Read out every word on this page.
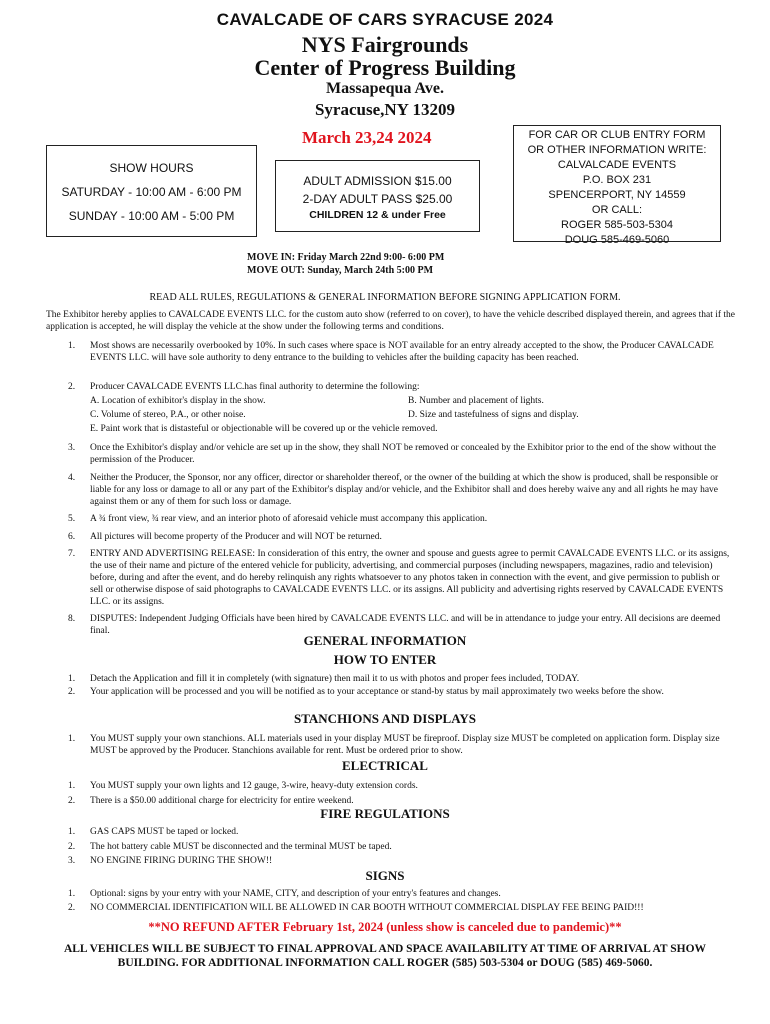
CAVALCADE OF CARS SYRACUSE 2024
NYS Fairgrounds
Center of Progress Building
Massapequa Ave.
Syracuse,NY 13209
March 23,24 2024
SHOW HOURS
SATURDAY - 10:00 AM - 6:00 PM
SUNDAY - 10:00 AM - 5:00 PM
ADULT ADMISSION $15.00
2-DAY ADULT PASS $25.00
CHILDREN 12 & under Free
FOR CAR OR CLUB ENTRY FORM
OR OTHER INFORMATION WRITE:
CALVALCADE EVENTS
P.O. BOX 231
SPENCERPORT, NY 14559
OR CALL:
ROGER 585-503-5304
DOUG 585-469-5060
MOVE IN: Friday March 22nd 9:00- 6:00 PM
MOVE OUT: Sunday, March 24th 5:00 PM
READ ALL RULES, REGULATIONS & GENERAL INFORMATION BEFORE SIGNING APPLICATION FORM.
The Exhibitor hereby applies to CAVALCADE EVENTS LLC. for the custom auto show (referred to on cover), to have the vehicle described displayed therein, and agrees that if the application is accepted, he will display the vehicle at the show under the following terms and conditions.
1. Most shows are necessarily overbooked by 10%. In such cases where space is NOT available for an entry already accepted to the show, the Producer CAVALCADE EVENTS LLC. will have sole authority to deny entrance to the building to vehicles after the building capacity has been reached.
2. Producer CAVALCADE EVENTS LLC.has final authority to determine the following:
A. Location of exhibitor's display in the show.	B. Number and placement of lights.
C. Volume of stereo, P.A., or other noise.	D. Size and tastefulness of signs and display.
E. Paint work that is distasteful or objectionable will be covered up or the vehicle removed.
3. Once the Exhibitor's display and/or vehicle are set up in the show, they shall NOT be removed or concealed by the Exhibitor prior to the end of the show without the permission of the Producer.
4. Neither the Producer, the Sponsor, nor any officer, director or shareholder thereof, or the owner of the building at which the show is produced, shall be responsible or liable for any loss or damage to all or any part of the Exhibitor's display and/or vehicle, and the Exhibitor shall and does hereby waive any and all rights he may have against them or any of them for such loss or damage.
5. A ¾ front view, ¾ rear view, and an interior photo of aforesaid vehicle must accompany this application.
6. All pictures will become property of the Producer and will NOT be returned.
7. ENTRY AND ADVERTISING RELEASE: In consideration of this entry, the owner and spouse and guests agree to permit CAVALCADE EVENTS LLC. or its assigns, the use of their name and picture of the entered vehicle for publicity, advertising, and commercial purposes (including newspapers, magazines, radio and television) before, during and after the event, and do hereby relinquish any rights whatsoever to any photos taken in connection with the event, and give permission to publish or sell or otherwise dispose of said photographs to CAVALCADE EVENTS LLC. or its assigns. All publicity and advertising rights reserved by CAVALCADE EVENTS LLC. or its assigns.
8. DISPUTES: Independent Judging Officials have been hired by CAVALCADE EVENTS LLC. and will be in attendance to judge your entry. All decisions are deemed final.
GENERAL INFORMATION
HOW TO ENTER
1. Detach the Application and fill it in completely (with signature) then mail it to us with photos and proper fees included, TODAY.
2. Your application will be processed and you will be notified as to your acceptance or stand-by status by mail approximately two weeks before the show.
STANCHIONS AND DISPLAYS
1. You MUST supply your own stanchions. ALL materials used in your display MUST be fireproof. Display size MUST be completed on application form. Display size MUST be approved by the Producer. Stanchions available for rent. Must be ordered prior to show.
ELECTRICAL
1. You MUST supply your own lights and 12 gauge, 3-wire, heavy-duty extension cords.
2. There is a $50.00 additional charge for electricity for entire weekend.
FIRE REGULATIONS
1. GAS CAPS MUST be taped or locked.
2. The hot battery cable MUST be disconnected and the terminal MUST be taped.
3. NO ENGINE FIRING DURING THE SHOW!!
SIGNS
1. Optional: signs by your entry with your NAME, CITY, and description of your entry's features and changes.
2. NO COMMERCIAL IDENTIFICATION WILL BE ALLOWED IN CAR BOOTH WITHOUT COMMERCIAL DISPLAY FEE BEING PAID!!!
**NO REFUND AFTER February 1st, 2024 (unless show is canceled due to pandemic)**
ALL VEHICLES WILL BE SUBJECT TO FINAL APPROVAL AND SPACE AVAILABILITY AT TIME OF ARRIVAL AT SHOW BUILDING. FOR ADDITIONAL INFORMATION CALL ROGER (585) 503-5304 or DOUG (585) 469-5060.
